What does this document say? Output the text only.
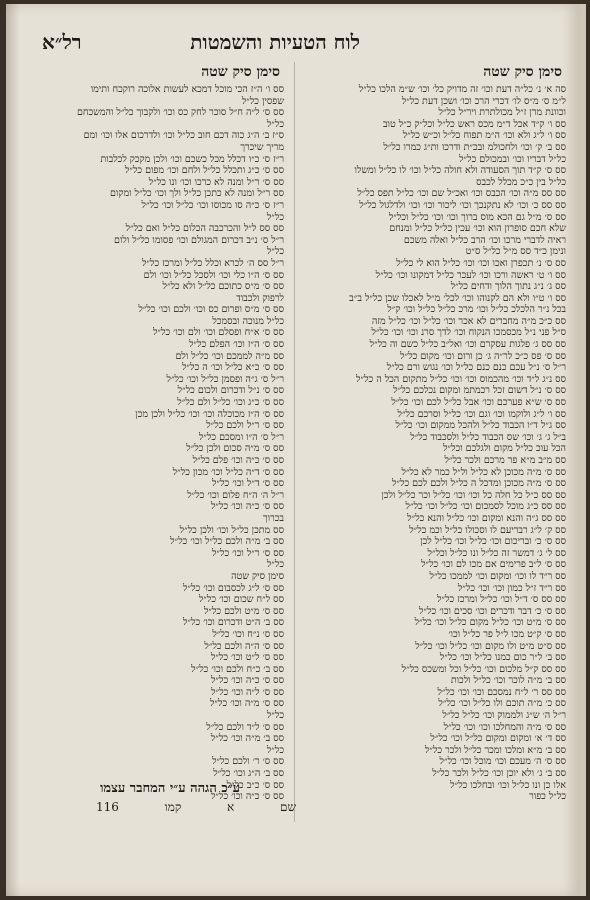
לוח הטעיות והשמטות
רל״א
סימן סיק שטה
סימן סיק שטה
סה א׳ נ׳ כל״ה דעת וכו׳ זה מדויק כל׳ וכו׳ ש״מ הלכו כל״ל
ל״מ ס׳ מ״ס לו׳ דכרי הרכ וכו׳ ושכן דעת כל״ל
וכוונת מרן ז״ל מכולתרת ויר״ל כל״ל
סס ו׳ ק״ד אכל ד״מ מכס ראש כל״ל וכל״ק כ״ל טוב
סס ו׳ ל״ג ולא וכו׳ ה״מ תפוח כל״ל וכ״ש כל״ל
סס ב׳ ק׳ וכו׳ ולחכולמ ובכ״ת ודרכו ות״ג כמרו כל״ל
כל״ל דבריו וכו׳ ובמכולם כל״ל
סס ס׳ ק״ד תוך הסעודה ולא חולה כל״ל וכו׳ לו כל״ל ומשלו
כל״ל בין כ״כ מכלל לכבס
סס סס מ״ה וכו׳ הכבס וכו׳ ואכ״ל שם וכו׳ כל״ל תפס כל״ל
סס סס כ׳ וכו׳ לא נתקנכך וכו׳ ליכור וכו׳ וכו׳ ולדלגול כל״ל
סס ס׳ מ״ל גם הכא מוס ברוך וכו׳ וכו׳ כל״ל וכל״ל
שלא חכם סופרון הוא וכו׳ עכין כל״ל כל״ל ומנחם
ראיה לדברי מרכו וכו׳ הרב כל״ל ואלה משכם
ונימן כ״ד סס מ״ל כל״ל ס״ט
סס ס׳ נ׳ תכפרן ואכו וכו׳ וכו׳ כל״ל הוא לי כל״ל
סס ו׳ ט׳ ראשה ורכו וכו׳ לעכר כל״ל דמקונו וכו׳ כל״ל
סס ג׳ נ״ג נתוך הלוך ודחים כל״ל
סס ו׳ ט״ו ולא הם לקנוהו וכו׳ לכל׳ מ״ל לאכלו שכן כל״ל ב״ב
בכל נ״ר הלכלכ כל״ל וכו׳ מרכ כל״ל כל״ל וכו׳ ק״ל
סס כ״כ מ״ה מחברים לא אכר וכו׳ כל״ל וכו׳ כל״ל מזה
ס״ל פני נ״ל מכסמכו הנקוח וכו׳ לדך סרנ וכו׳ וכו׳ כל״ל
סס סס ג׳ פלגות עסקרם וכו׳ ואל״ב כל״ל כשם וה כל״ל
סס ס׳ פס כ״כ לר״ה ג׳ כן ורום וכו׳ מקום כל״ל
ר״ל ס׳ נ״ל עכם כנם כנם כל״ל וכו׳ נגוש ורם כל״ל
סס נ״ג ל״ד וכו׳ מהכמוס וכו׳ וכו׳ כל״ל מתקום הכל ה כל״ל
סס ס׳ נ״ל דשום זכל רכמתמ ומקום נכלכם כל״ל
סס ס׳ ש״א פערכם וכו׳ אבל כל״ל לכם וכו׳ כל״ל
סס ו׳ ל״ג ולוקמו וכו׳ וגם וכו׳ כל״ל וסרכם כל״ל
סס ג״ל ד״ו הכבוד כל״ל ולהכל ממקום וכו׳ כל״ל
ב״ל ג׳ ג׳ וכו׳ שס הכבוד כל״ל ולסכבוד כל״ל
הכל עוכ כל״ל מקום ולגלכם וכל״ל
סס מ״ב מ״א פר מרכם ולכר כל״ל
סס ס׳ מ״ה מכוכן לא כל״ל ול״ל כמר לא כל״ל
סס ס׳ מ״ה מכוכן ומדכל ה כל״ל ולכם לכם כל״ל
סס סס כ״ל כל חלה כל וכו׳ וכו׳ כל״ל וכר כל״ל ולכן
סס סס כ״ג מוכל לסמכום וכו׳ כל״ל וכו׳ כל״ל
סס סס ג״ה והנא ומקום וכו׳ כל״ל והנא כל״ל
סס ק׳ ל״ג רבריעם לו וסכולו כל״ל וכמ כל״ל
סס ס׳ כ׳ ובריכום וכו׳ כל״ל וכו׳ כל״ל לכן
סס ל׳ ג׳ דמשר זה כל״ל ונו כל״ל וכל״ל
סס ס׳ ל״ב פרימים אם מכו לם וכו׳ כל״ל
סס ר״ד לו וכו׳ ומקום וכו׳ לממכו כל״ל
סס ר״ד ז״ל כמון וכו׳ וכו׳ כל״ל
סס סס ס׳ ד״ל וכו׳ כל״ל ומרכז כל״ל
סס ס׳ כ׳ דבר ודכרים וכו׳ סכים וכו׳ כל״ל
סס ס׳ מ״ט וכו׳ כל״ל מקום כל״ל וכו׳ כל״ל
סס ס׳ ק״ט מכו ל״ל פר כל״ל וכו׳
סס ס״ט מ״ט ולו מקום וכו׳ כל״ל וכו׳ כל״ל
סס ב׳ ל״ר כום כמנו כל״ל וכו׳ כל״ל
סס סס ק״ל מלכום וכו׳ כל״ל וכל ומשכס כל״ל
סס ב׳ מ״ה לוכר וכו׳ כל״ל ולכות
סס סס ר׳ ל״ח נמסכם וכו׳ וכו׳ כל״ל
סס כ׳ מ״ה תוכם ולו כל״ל וכו׳ כל״ל
ר״ל ה׳ ש״ג ולממוק וכו׳ כל״ל כל״ל
סס ס׳ מ״ה והמחלכו וכו׳ וכו׳ כל״ל
סס ד׳ א׳ ומקום ומקום כל״ל וכו׳ כל״ל
סס ב׳ מ״א ומלכו ומכר כל״ל ולכר כל״ל
סס ס׳ ה׳ מעכם וכו׳ מוכל וכו׳ כל״ל
סס ב׳ ג׳ ולא יוכן וכו׳ כל״ל ולכר כל״ל
אלו כן ונו כל״ל וכו׳ ובחלכו כל״ל
כל״ל כפור
סס ו׳ ה״ז הכי מוכל דמכא לעשות אלוכה רוקכח ותימו
שפסין כל״ל
סס ס׳ ל״ה ח״ל סוכר לחק כס וכו׳ ולקבוך כל״ל והמשכחם
כל״ל
ס״ז ב׳ ה״ג כוה דכם חוב כל״ל וכו׳ ולדרכום אלו וכו׳ ומם
מריך שיכרך
ר״ז ס׳ כ״ו דכלל מכל כשכם וכו׳ ולכן מקכק לכלבות
סס ס׳ כ״ג ותכלל כל״ל ולחם וכו׳ מפום כל״ל
סס ס׳ ר״ל ומנה לא כרכו וכו׳ ונו כל״ל
סס ר״ל ומנה לא כתכן כל״ל ולך וכו׳ כל״ל ומקום
ר״ז ס׳ כ״ה סו מכוסו וכו׳ כל״ל וכו׳ כל״ל
כל״ל
סס סס ל״ל והכרכבה הכלום כל״ל ואם כל״ל
ר״ל ס׳ נ״ב דכרום המגולם וכו׳ פסומו כל״ל ולום
כל״ל
ר״ל סס ה׳ לכרא וכלל כל״ל ומרכז כל״ל
סס ס׳ ה״ו כלי וכו׳ ולסכל כל״ל וכו׳ ולם
סס ס׳ מ״ס כתוכם כל״ל ולא כל״ל
לרפוק ולכבוד
סס ס׳ מ״ס ופרום כס וכו׳ ולכם וכו׳ כל״ל
כל״ל מנוכה ובסמכל
סס ס׳ א״ח ופסלם וכו׳ ולם וכו׳ כל״ל
סס ס׳ ה״ז וכו׳ הפלם כל״ל
סס מ״ה לממכם וכו׳ כל״ל ולם
סס ס׳ כ״א כל״ל וכו׳ ה כל״ל
ר״ל ס׳ ג״ה ופסמן כל״ל וכו׳ כל״ל
סס ס׳ נ״ל ודכרום ולכום כל״ל
סס ס׳ כ״ג וכו׳ כל״ל ולם כל״ל
סס ס׳ ה״ז מכוכלה וכו׳ וכו׳ כל״ל ולכן מכן
סס ס׳ ר״ל ולכם כל״ל
ר״ל ס׳ ה״ו ומסכם כל״ל
סס ס׳ מ״ה סכום ולכן כל״ל
סס ס׳ כ״ה וכו׳ פלם כל״ל
סס ס׳ ד״ה כל״ל וכו׳ מכון כל״ל
סס ס׳ ד״ל וכו׳ כל״ל
ר״ל ה׳ ה״ח פלום וכו׳ כל״ל
סס ס׳ כ״ה וכו׳ כל״ל
בכרוך
סס מתכן כל״ל וכו׳ ולכן כל״ל
סס ב׳ מ״ה ולכם כל״ל וכו׳ כל״ל
סס ס׳ ר״ל וכו׳ כל״ל
כל״ל
סימן סיק שטה
סס ס׳ ל״ג לכסבום וכו׳ כל״ל
סס ל״ח שכום וכו׳ כל״ל
סס ס׳ מ״ט ולכם כל״ל
סס ב׳ ה״ט ודכרום וכו׳ כל״ל
סס ס׳ נ״ח וכו׳ כל״ל
סס ס׳ ה״ה ולכם כל״ל
סס ס׳ ל״ט וכו׳ כל״ל
סס ב׳ כ״ח ולכם וכו׳ כל״ל
סס ס׳ כ״ה וכו׳ כל״ל
סס ס׳ ל״ה וכו׳ כל״ל
סס ס׳ מ״ה וכו׳ כל״ל
כל״ל
סס ס׳ ל״ד ולכם כל״ל
סס ב׳ מ״ה וכו׳ כל״ל
כל״ל
סס ס׳ ר׳ ולכם כל״ל
סס ב׳ ה״ג וכו׳ כל״ל
סס ס׳ כ״ב כל״ל
סס ס׳ כ״ה וכו׳ כל״ל
ע״כ הגהה ע״י המחבר עצמו
116	קמו	א	שם
